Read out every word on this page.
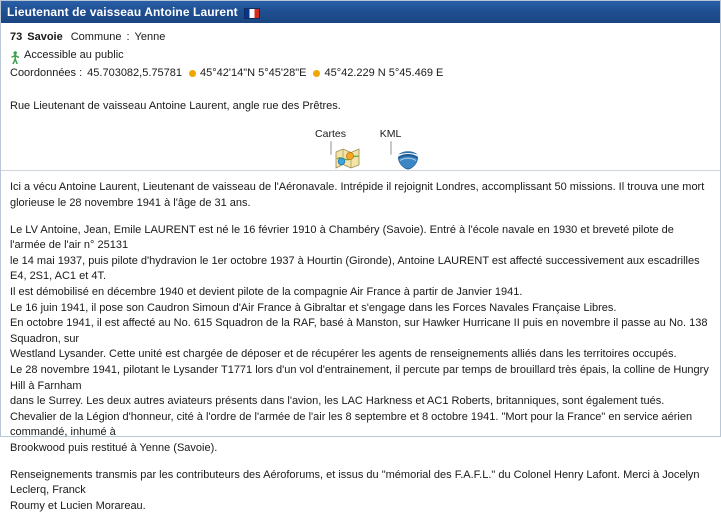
Lieutenant de vaisseau Antoine Laurent
73 Savoie Commune : Yenne
Accessible au public
Coordonnées : 45.703082,5.75781 45°42'14"N 5°45'28"E 45°42.229 N 5°45.469 E
Rue Lieutenant de vaisseau Antoine Laurent, angle rue des Prêtres.
Cartes	KML

Ici a vécu Antoine Laurent, Lieutenant de vaisseau de l'Aéronavale. Intrépide il rejoignit Londres, accomplissant 50 missions. Il trouva une mort glorieuse le 28 novembre 1941 à l'âge de 31 ans.

Le LV Antoine, Jean, Emile LAURENT est né le 16 février 1910 à Chambéry (Savoie). Entré à l'école navale en 1930 et breveté pilote de l'armée de l'air n° 25131
le 14 mai 1937, puis pilote d'hydravion le 1er octobre 1937 à Hourtin (Gironde), Antoine LAURENT est affecté successivement aux escadrilles E4, 2S1, AC1 et 4T.
Il est démobilisé en décembre 1940 et devient pilote de la compagnie Air France à partir de Janvier 1941.
Le 16 juin 1941, il pose son Caudron Simoun d'Air France à Gibraltar et s'engage dans les Forces Navales Française Libres.
En octobre 1941, il est affecté au No. 615 Squadron de la RAF, basé à Manston, sur Hawker Hurricane II puis en novembre il passe au No. 138 Squadron, sur
Westland Lysander. Cette unité est chargée de déposer et de récupérer les agents de renseignements alliés dans les territoires occupés.
Le 28 novembre 1941, pilotant le Lysander T1771 lors d'un vol d'entrainement, il percute par temps de brouillard très épais, la colline de Hungry Hill à Farnham
dans le Surrey. Les deux autres aviateurs présents dans l'avion, les LAC Harkness et AC1 Roberts, britanniques, sont également tués.
Chevalier de la Légion d'honneur, cité à l'ordre de l'armée de l'air les 8 septembre et 8 octobre 1941. "Mort pour la France" en service aérien commandé, inhumé à
Brookwood puis restitué à Yenne (Savoie).

Renseignements transmis par les contributeurs des Aéroforums, et issus du "mémorial des F.A.F.L." du Colonel Henry Lafont. Merci à Jocelyn Leclerq, Franck
Roumy et Lucien Morareau.
